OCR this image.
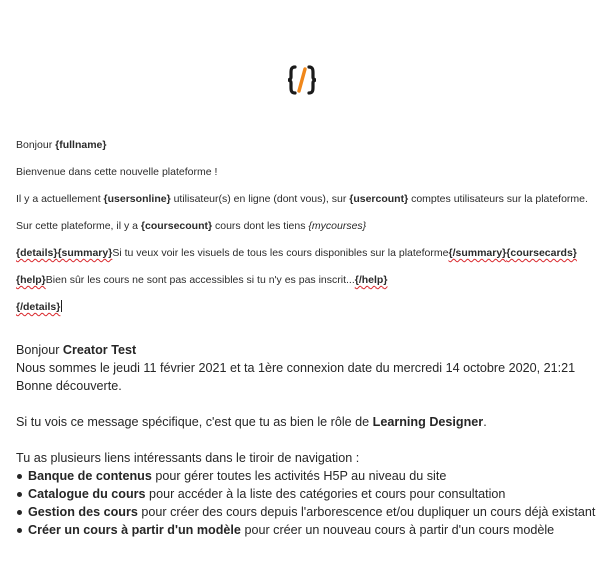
Bonjour {fullname}
Bienvenue dans cette nouvelle plateforme !
Il y a actuellement {usersonline} utilisateur(s) en ligne (dont vous), sur {usercount} comptes utilisateurs sur la plateforme.
Sur cette plateforme, il y a {coursecount} cours dont les tiens {mycourses}
{details}{summary}Si tu veux voir les visuels de tous les cours disponibles sur la plateforme{/summary}{coursecards}
{help}Bien sûr les cours ne sont pas accessibles si tu n'y es pas inscrit...{/help}
{/details}

Bonjour Creator Test

Nous sommes le jeudi 11 février 2021 et ta 1ère connexion date du mercredi 14 octobre 2020, 21:21

Bonne découverte.

Si tu vois ce message spécifique, c'est que tu as bien le rôle de Learning Designer.

Tu as plusieurs liens intéressants dans le tiroir de navigation :

Banque de contenus pour gérer toutes les activités H5P au niveau du site
Catalogue du cours pour accéder à la liste des catégories et cours pour consultation
Gestion des cours pour créer des cours depuis l'arborescence et/ou dupliquer un cours déjà existant
Créer un cours à partir d'un modèle pour créer un nouveau cours à partir d'un cours modèle
